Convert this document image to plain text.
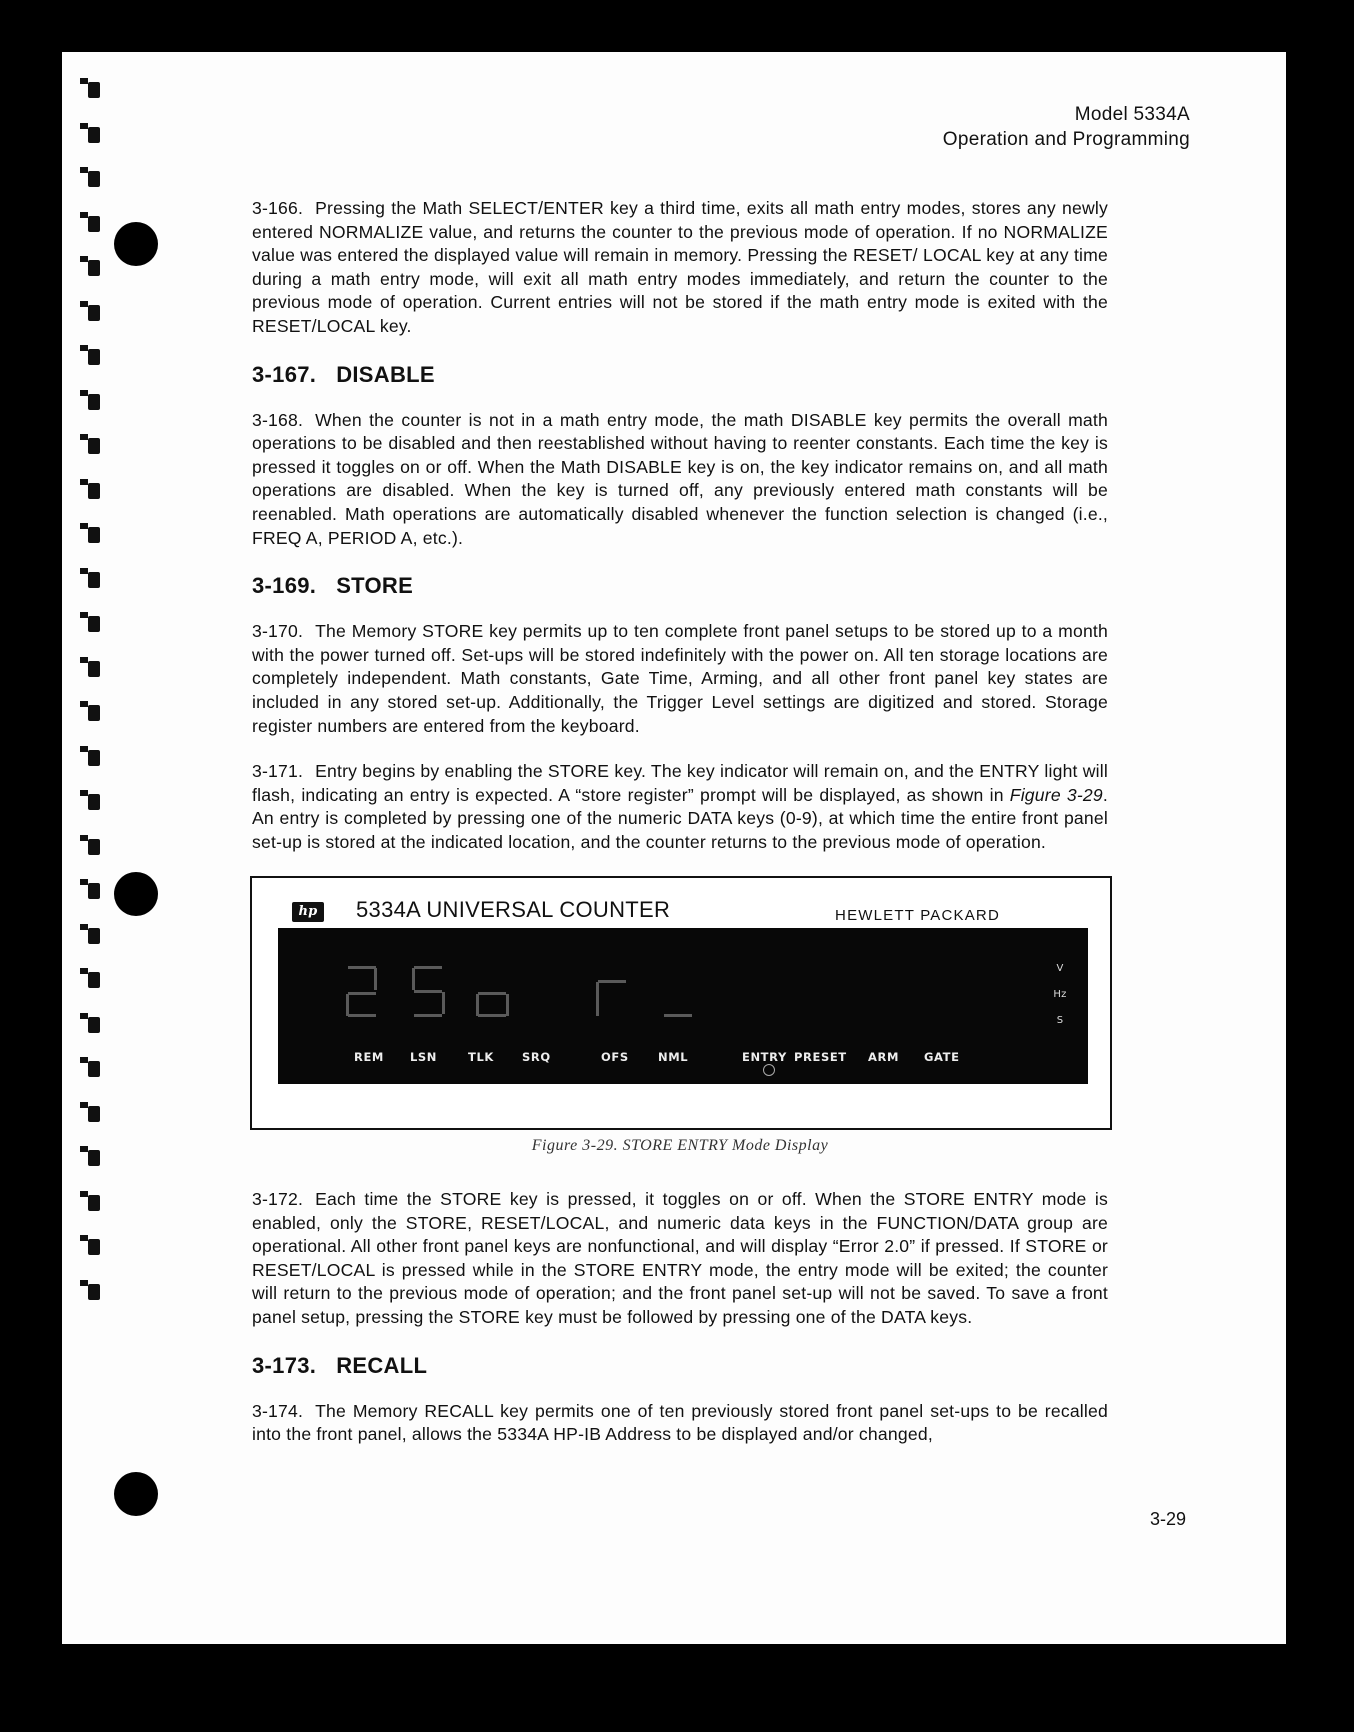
Model 5334A
Operation and Programming

3-166. Pressing the Math SELECT/ENTER key a third time, exits all math entry modes, stores any newly entered NORMALIZE value, and returns the counter to the previous mode of operation. If no NORMALIZE value was entered the displayed value will remain in memory. Pressing the RESET/ LOCAL key at any time during a math entry mode, will exit all math entry modes immediately, and return the counter to the previous mode of operation. Current entries will not be stored if the math entry mode is exited with the RESET/LOCAL key.

3-167. DISABLE

3-168. When the counter is not in a math entry mode, the math DISABLE key permits the overall math operations to be disabled and then reestablished without having to reenter constants. Each time the key is pressed it toggles on or off. When the Math DISABLE key is on, the key indicator remains on, and all math operations are disabled. When the key is turned off, any previously entered math constants will be reenabled. Math operations are automatically disabled whenever the function selection is changed (i.e., FREQ A, PERIOD A, etc.).

3-169. STORE

3-170. The Memory STORE key permits up to ten complete front panel setups to be stored up to a month with the power turned off. Set-ups will be stored indefinitely with the power on. All ten storage locations are completely independent. Math constants, Gate Time, Arming, and all other front panel key states are included in any stored set-up. Additionally, the Trigger Level settings are digitized and stored. Storage register numbers are entered from the keyboard.

3-171. Entry begins by enabling the STORE key. The key indicator will remain on, and the ENTRY light will flash, indicating an entry is expected. A “store register” prompt will be displayed, as shown in Figure 3-29. An entry is completed by pressing one of the numeric DATA keys (0-9), at which time the entire front panel set-up is stored at the indicated location, and the counter returns to the previous mode of operation.

hp 5334A UNIVERSAL COUNTER	HEWLETT PACKARD
V
Hz
S
REM LSN	TLK SRQ	OFS	NML	ENTRY PRESET ARM GATE
Figure 3-29. STORE ENTRY Mode Display

3-172. Each time the STORE key is pressed, it toggles on or off. When the STORE ENTRY mode is enabled, only the STORE, RESET/LOCAL, and numeric data keys in the FUNCTION/DATA group are operational. All other front panel keys are nonfunctional, and will display “Error 2.0” if pressed. If STORE or RESET/LOCAL is pressed while in the STORE ENTRY mode, the entry mode will be exited; the counter will return to the previous mode of operation; and the front panel set-up will not be saved. To save a front panel setup, pressing the STORE key must be followed by pressing one of the DATA keys.

3-173. RECALL

3-174. The Memory RECALL key permits one of ten previously stored front panel set-ups to be recalled into the front panel, allows the 5334A HP-IB Address to be displayed and/or changed,

3-29
